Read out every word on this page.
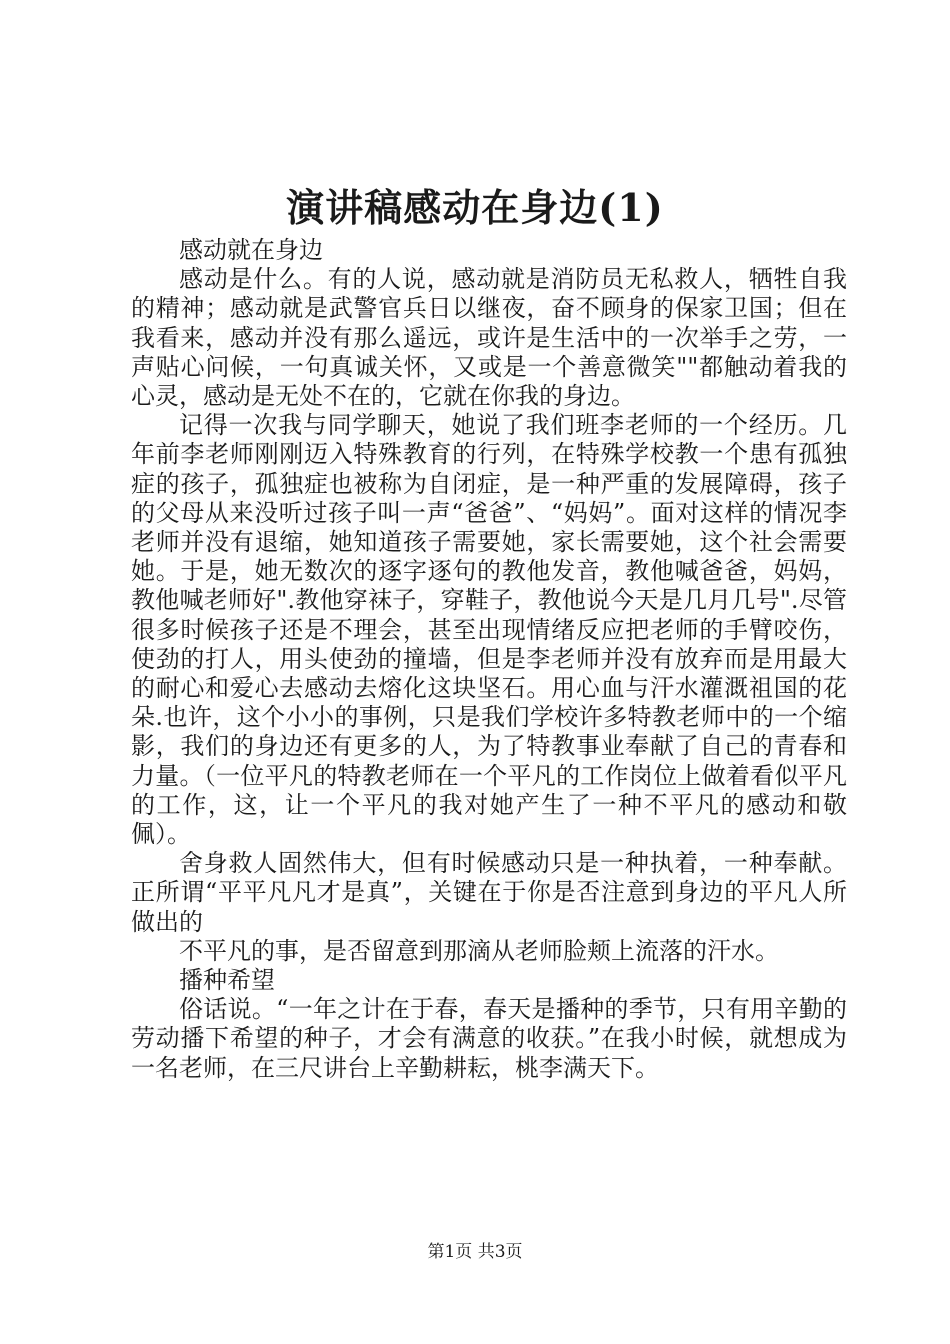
演讲稿感动在身边(1)

感动就在身边

感动是什么。有的人说，感动就是消防员无私救人，牺牲自我的精神；感动就是武警官兵日以继夜，奋不顾身的保家卫国；但在我看来，感动并没有那么遥远，或许是生活中的一次举手之劳，一声贴心问候，一句真诚关怀，又或是一个善意微笑""都触动着我的心灵，感动是无处不在的，它就在你我的身边。

记得一次我与同学聊天，她说了我们班李老师的一个经历。几年前李老师刚刚迈入特殊教育的行列，在特殊学校教一个患有孤独症的孩子，孤独症也被称为自闭症，是一种严重的发展障碍，孩子的父母从来没听过孩子叫一声“爸爸”、“妈妈”。面对这样的情况李老师并没有退缩，她知道孩子需要她，家长需要她，这个社会需要她。于是，她无数次的逐字逐句的教他发音，教他喊爸爸，妈妈，教他喊老师好".教他穿袜子，穿鞋子，教他说今天是几月几号".尽管很多时候孩子还是不理会，甚至出现情绪反应把老师的手臂咬伤，使劲的打人，用头使劲的撞墙，但是李老师并没有放弃而是用最大的耐心和爱心去感动去熔化这块坚石。用心血与汗水灌溉祖国的花朵.也许，这个小小的事例，只是我们学校许多特教老师中的一个缩影，我们的身边还有更多的人，为了特教事业奉献了自己的青春和力量。（一位平凡的特教老师在一个平凡的工作岗位上做着看似平凡的工作，这，让一个平凡的我对她产生了一种不平凡的感动和敬佩）。

舍身救人固然伟大，但有时候感动只是一种执着，一种奉献。正所谓“平平凡凡才是真”，关键在于你是否注意到身边的平凡人所做出的

不平凡的事，是否留意到那滴从老师脸颊上流落的汗水。

播种希望

俗话说。“一年之计在于春，春天是播种的季节，只有用辛勤的劳动播下希望的种子，才会有满意的收获。”在我小时候，就想成为一名老师，在三尺讲台上辛勤耕耘，桃李满天下。

第1页 共3页
